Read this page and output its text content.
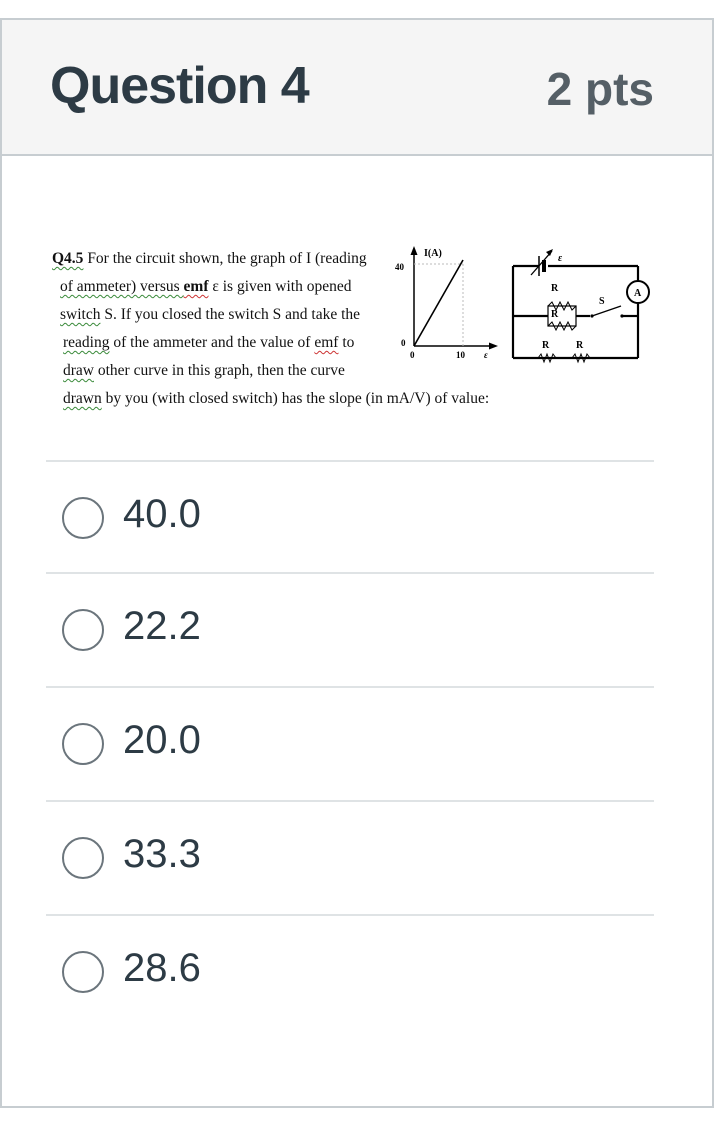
Question 4	2 pts
Q4.5 For the circuit shown, the graph of I (reading
of ammeter) versus emf ε is given with opened
switch S. If you closed the switch S and take the
reading of the ammeter and the value of emf to
draw other curve in this graph, then the curve
drawn by you (with closed switch) has the slope (in mA/V) of value:
I(A)
40
0
0	10 ε
ε
R
R
S
A
R	R
40.0
22.2
20.0
33.3
28.6
